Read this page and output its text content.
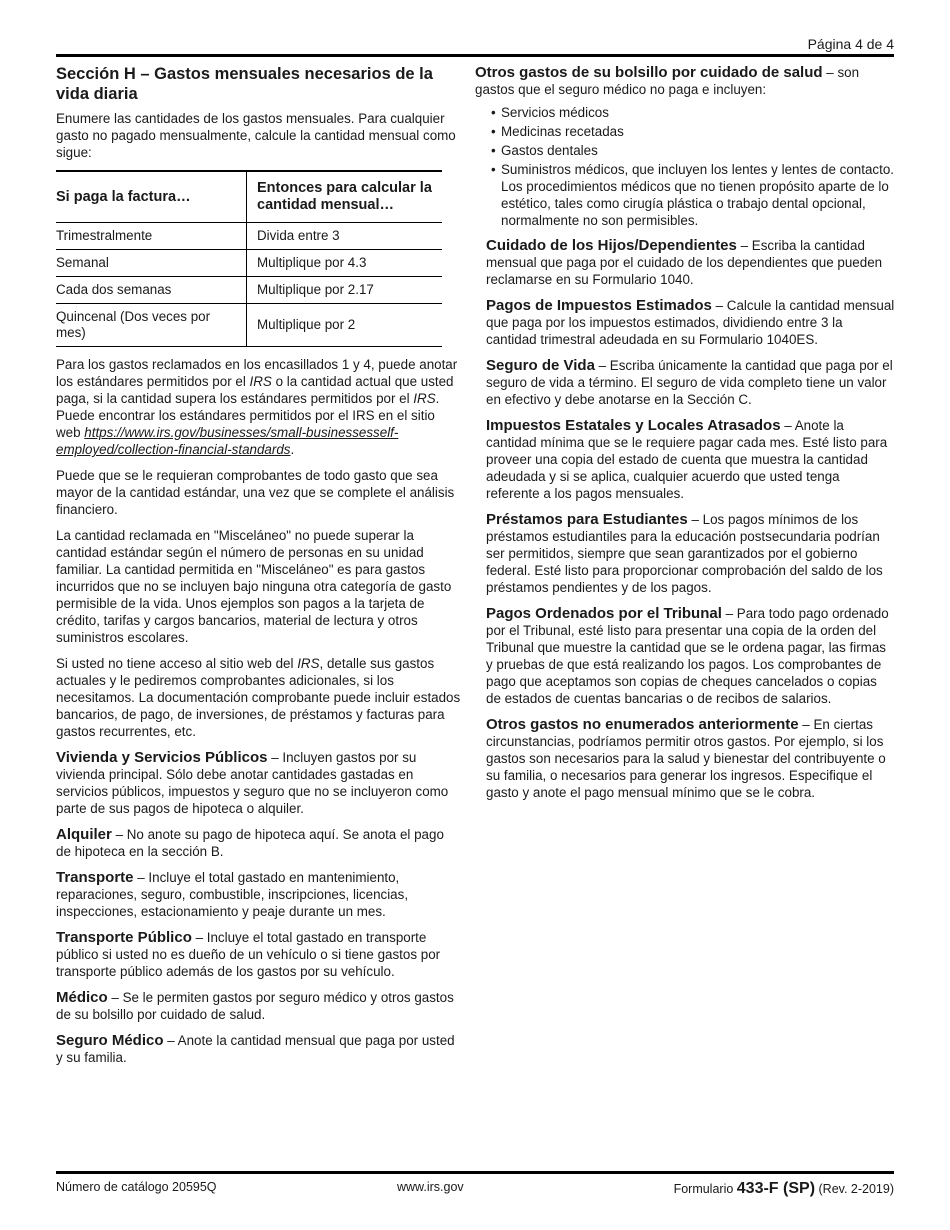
Página 4 de 4
Sección H – Gastos mensuales necesarios de la vida diaria

Enumere las cantidades de los gastos mensuales. Para cualquier gasto no pagado mensualmente, calcule la cantidad mensual como sigue:

Si paga la factura…	Entonces para calcular la cantidad mensual…
Trimestralmente	Divida entre 3
Semanal	Multiplique por 4.3
Cada dos semanas	Multiplique por 2.17
Quincenal (Dos veces por mes)	Multiplique por 2

Para los gastos reclamados en los encasillados 1 y 4, puede anotar los estándares permitidos por el IRS o la cantidad actual que usted paga, si la cantidad supera los estándares permitidos por el IRS. Puede encontrar los estándares permitidos por el IRS en el sitio web https://www.irs.gov/businesses/small-businessesself-employed/collection-financial-standards.

Puede que se le requieran comprobantes de todo gasto que sea mayor de la cantidad estándar, una vez que se complete el análisis financiero.

La cantidad reclamada en "Misceláneo" no puede superar la cantidad estándar según el número de personas en su unidad familiar. La cantidad permitida en "Misceláneo" es para gastos incurridos que no se incluyen bajo ninguna otra categoría de gasto permisible de la vida. Unos ejemplos son pagos a la tarjeta de crédito, tarifas y cargos bancarios, material de lectura y otros suministros escolares.

Si usted no tiene acceso al sitio web del IRS, detalle sus gastos actuales y le pediremos comprobantes adicionales, si los necesitamos. La documentación comprobante puede incluir estados bancarios, de pago, de inversiones, de préstamos y facturas para gastos recurrentes, etc.

Vivienda y Servicios Públicos – Incluyen gastos por su vivienda principal. Sólo debe anotar cantidades gastadas en servicios públicos, impuestos y seguro que no se incluyeron como parte de sus pagos de hipoteca o alquiler.

Alquiler – No anote su pago de hipoteca aquí. Se anota el pago de hipoteca en la sección B.

Transporte – Incluye el total gastado en mantenimiento, reparaciones, seguro, combustible, inscripciones, licencias, inspecciones, estacionamiento y peaje durante un mes.

Transporte Público – Incluye el total gastado en transporte público si usted no es dueño de un vehículo o si tiene gastos por transporte público además de los gastos por su vehículo.

Médico – Se le permiten gastos por seguro médico y otros gastos de su bolsillo por cuidado de salud.

Seguro Médico – Anote la cantidad mensual que paga por usted y su familia.

Otros gastos de su bolsillo por cuidado de salud – son gastos que el seguro médico no paga e incluyen:

• Servicios médicos
• Medicinas recetadas
• Gastos dentales
• Suministros médicos, que incluyen los lentes y lentes de contacto. Los procedimientos médicos que no tienen propósito aparte de lo estético, tales como cirugía plástica o trabajo dental opcional, normalmente no son permisibles.

Cuidado de los Hijos/Dependientes – Escriba la cantidad mensual que paga por el cuidado de los dependientes que pueden reclamarse en su Formulario 1040.

Pagos de Impuestos Estimados – Calcule la cantidad mensual que paga por los impuestos estimados, dividiendo entre 3 la cantidad trimestral adeudada en su Formulario 1040ES.

Seguro de Vida – Escriba únicamente la cantidad que paga por el seguro de vida a término. El seguro de vida completo tiene un valor en efectivo y debe anotarse en la Sección C.

Impuestos Estatales y Locales Atrasados – Anote la cantidad mínima que se le requiere pagar cada mes. Esté listo para proveer una copia del estado de cuenta que muestra la cantidad adeudada y si se aplica, cualquier acuerdo que usted tenga referente a los pagos mensuales.

Préstamos para Estudiantes – Los pagos mínimos de los préstamos estudiantiles para la educación postsecundaria podrían ser permitidos, siempre que sean garantizados por el gobierno federal. Esté listo para proporcionar comprobación del saldo de los préstamos pendientes y de los pagos.

Pagos Ordenados por el Tribunal – Para todo pago ordenado por el Tribunal, esté listo para presentar una copia de la orden del Tribunal que muestre la cantidad que se le ordena pagar, las firmas y pruebas de que está realizando los pagos. Los comprobantes de pago que aceptamos son copias de cheques cancelados o copias de estados de cuentas bancarias o de recibos de salarios.

Otros gastos no enumerados anteriormente – En ciertas circunstancias, podríamos permitir otros gastos. Por ejemplo, si los gastos son necesarios para la salud y bienestar del contribuyente o su familia, o necesarios para generar los ingresos. Especifique el gasto y anote el pago mensual mínimo que se le cobra.

Número de catálogo 20595Q	www.irs.gov	Formulario 433-F (SP) (Rev. 2-2019)
